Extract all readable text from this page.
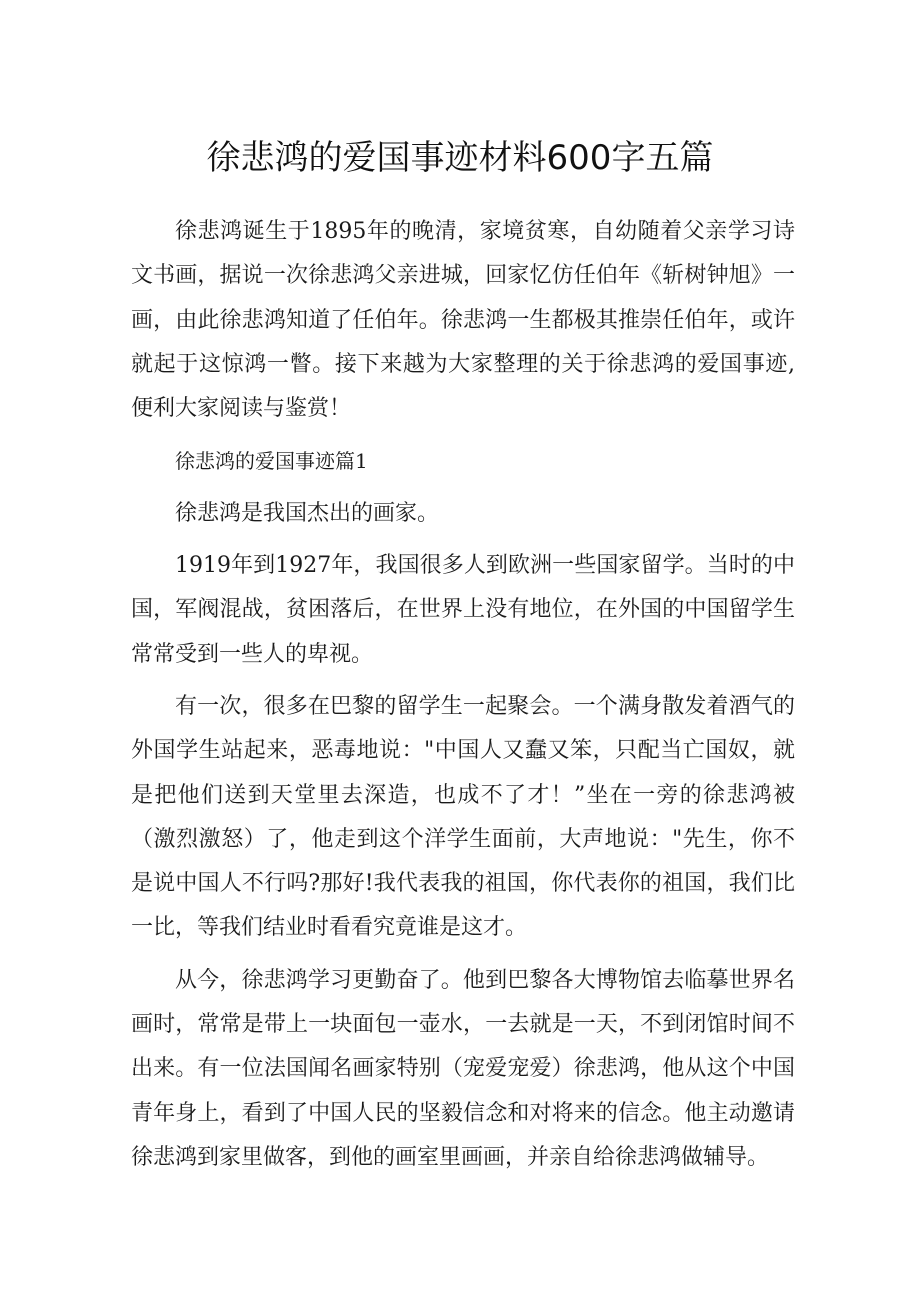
徐悲鸿的爱国事迹材料600字五篇

徐悲鸿诞生于1895年的晚清，家境贫寒，自幼随着父亲学习诗文书画，据说一次徐悲鸿父亲进城，回家忆仿任伯年《斩树钟旭》一画，由此徐悲鸿知道了任伯年。徐悲鸿一生都极其推崇任伯年，或许就起于这惊鸿一瞥。接下来越为大家整理的关于徐悲鸿的爱国事迹,便利大家阅读与鉴赏！

徐悲鸿的爱国事迹篇1

徐悲鸿是我国杰出的画家。

1919年到1927年，我国很多人到欧洲一些国家留学。当时的中国，军阀混战，贫困落后，在世界上没有地位，在外国的中国留学生常常受到一些人的卑视。

有一次，很多在巴黎的留学生一起聚会。一个满身散发着酒气的外国学生站起来，恶毒地说："中国人又蠢又笨，只配当亡国奴，就是把他们送到天堂里去深造，也成不了才！”坐在一旁的徐悲鸿被（激烈激怒）了，他走到这个洋学生面前，大声地说："先生，你不是说中国人不行吗?那好!我代表我的祖国，你代表你的祖国，我们比一比，等我们结业时看看究竟谁是这才。

从今，徐悲鸿学习更勤奋了。他到巴黎各大博物馆去临摹世界名画时，常常是带上一块面包一壶水，一去就是一天，不到闭馆时间不出来。有一位法国闻名画家特别（宠爱宠爱）徐悲鸿，他从这个中国青年身上，看到了中国人民的坚毅信念和对将来的信念。他主动邀请徐悲鸿到家里做客，到他的画室里画画，并亲自给徐悲鸿做辅导。
